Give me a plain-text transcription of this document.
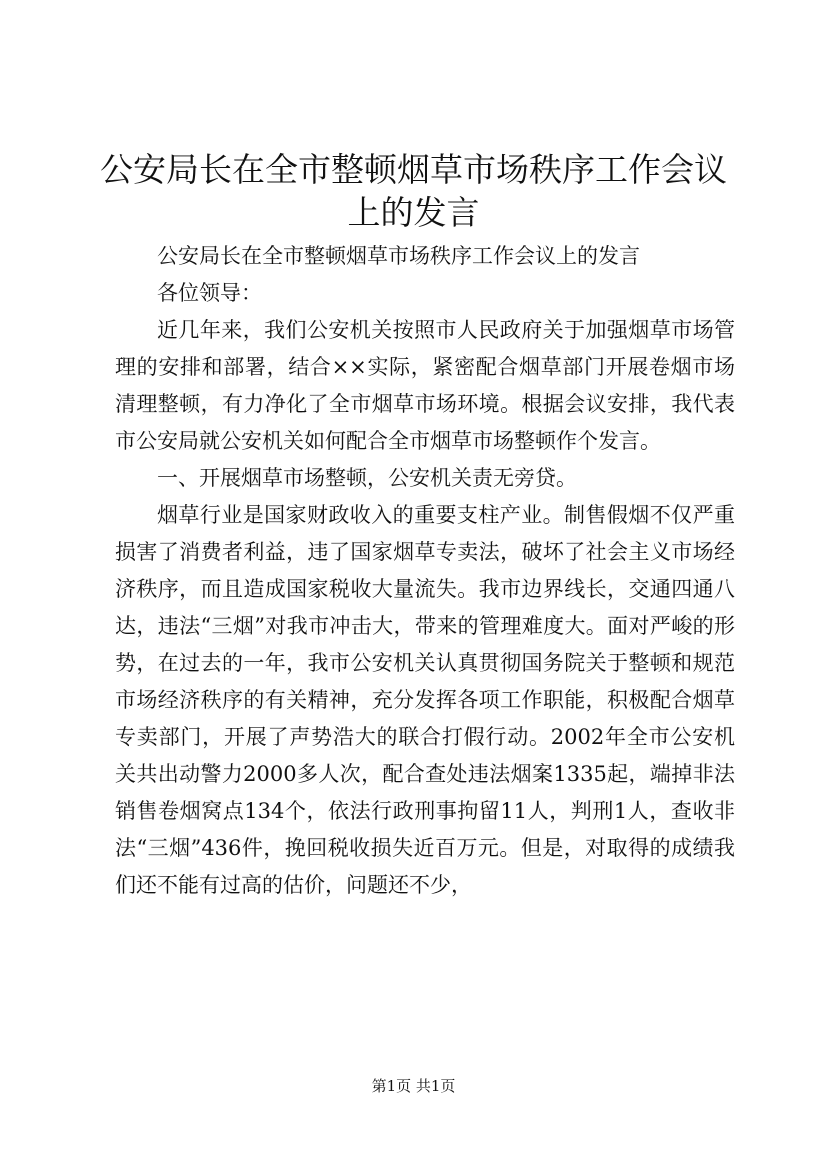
公安局长在全市整顿烟草市场秩序工作会议上的发言

公安局长在全市整顿烟草市场秩序工作会议上的发言

各位领导：

近几年来，我们公安机关按照市人民政府关于加强烟草市场管理的安排和部署，结合××实际，紧密配合烟草部门开展卷烟市场清理整顿，有力净化了全市烟草市场环境。根据会议安排，我代表市公安局就公安机关如何配合全市烟草市场整顿作个发言。

一、开展烟草市场整顿，公安机关责无旁贷。

烟草行业是国家财政收入的重要支柱产业。制售假烟不仅严重损害了消费者利益，违了国家烟草专卖法，破坏了社会主义市场经济秩序，而且造成国家税收大量流失。我市边界线长，交通四通八达，违法“三烟”对我市冲击大，带来的管理难度大。面对严峻的形势，在过去的一年，我市公安机关认真贯彻国务院关于整顿和规范市场经济秩序的有关精神，充分发挥各项工作职能，积极配合烟草专卖部门，开展了声势浩大的联合打假行动。2002年全市公安机关共出动警力2000多人次，配合查处违法烟案1335起，端掉非法销售卷烟窝点134个，依法行政刑事拘留11人，判刑1人，查收非法“三烟”436件，挽回税收损失近百万元。但是，对取得的成绩我们还不能有过高的估价，问题还不少，

第1页 共1页
